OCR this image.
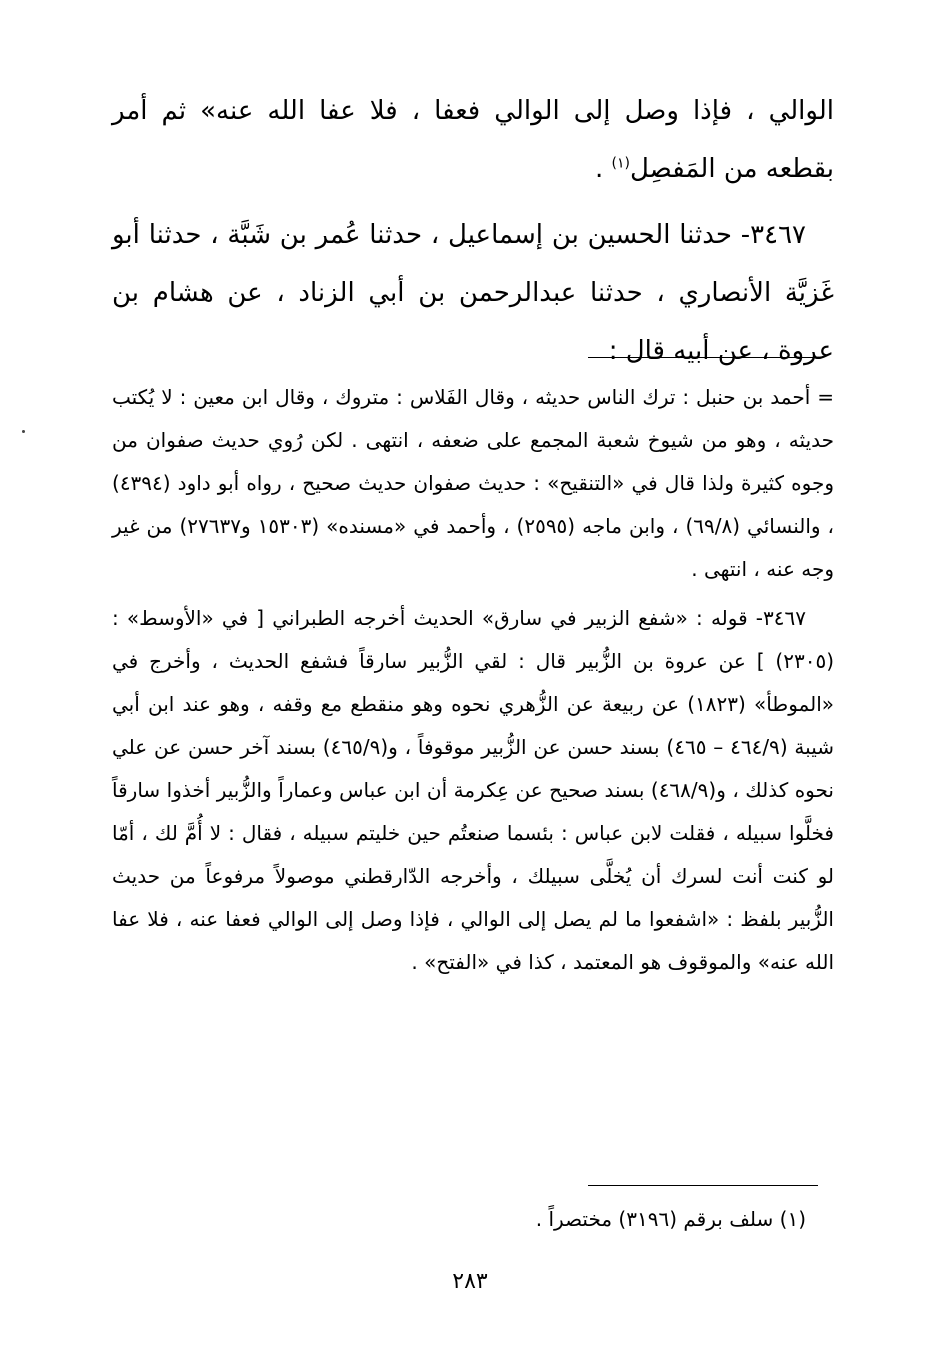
الوالي ، فإذا وصل إلى الوالي فعفا ، فلا عفا الله عنه» ثم أمر بقطعه من المَفصِل$^{(١)}$ .

٣٤٦٧- حدثنا الحسين بن إسماعيل ، حدثنا عُمر بن شَبَّة ، حدثنا أبو غَزيَّة الأنصاري ، حدثنا عبدالرحمن بن أبي الزناد ، عن هشام بن عروة ، عن أبيه قال :

= أحمد بن حنبل : ترك الناس حديثه ، وقال الفَلاس : متروك ، وقال ابن معين : لا يُكتب حديثه ، وهو من شيوخ شعبة المجمع على ضعفه ، انتهى . لكن رُوي حديث صفوان من وجوه كثيرة ولذا قال في «التنقيح» : حديث صفوان حديث صحيح ، رواه أبو داود (٤٣٩٤) ، والنسائي (٦٩/٨) ، وابن ماجه (٢٥٩٥) ، وأحمد في «مسنده» (١٥٣٠٣ و٢٧٦٣٧) من غير وجه عنه ، انتهى .

٣٤٦٧- قوله : «شفع الزبير في سارق» الحديث أخرجه الطبراني [ في «الأوسط» : (٢٣٠٥) ] عن عروة بن الزُّبير قال : لقي الزُّبير سارقاً فشفع الحديث ، وأخرج في «الموطأ» (١٨٢٣) عن ربيعة عن الزُّهري نحوه وهو منقطع مع وقفه ، وهو عند ابن أبي شيبة (٤٦٤/٩ – ٤٦٥) بسند حسن عن الزُّبير موقوفاً ، و(٤٦٥/٩) بسند آخر حسن عن علي نحوه كذلك ، و(٤٦٨/٩) بسند صحيح عن عِكرمة أن ابن عباس وعماراً والزُّبير أخذوا سارقاً فخلَّوا سبيله ، فقلت لابن عباس : بئسما صنعتُم حين خليتم سبيله ، فقال : لا أُمَّ لك ، أمّا لو كنت أنت لسرك أن يُخلَّى سبيلك ، وأخرجه الدّارقطني موصولاً مرفوعاً من حديث الزُّبير بلفظ : «اشفعوا ما لم يصل إلى الوالي ، فإذا وصل إلى الوالي فعفا عنه ، فلا عفا الله عنه» والموقوف هو المعتمد ، كذا في «الفتح» .

(١) سلف برقم (٣١٩٦) مختصراً .

٢٨٣
